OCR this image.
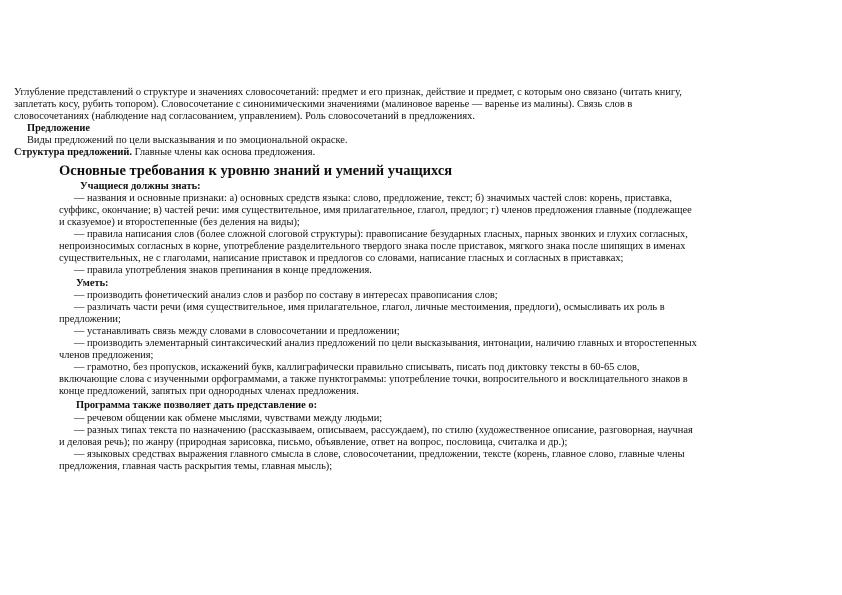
Углубление представлений о структуре и значениях словосочетаний: предмет и его признак, действие и предмет, с которым оно связано (читать книгу,
заплетать косу, рубить топором). Словосочетание с синонимическими значениями (малиновое варенье — варенье из малины). Связь слов в
словосочетаниях (наблюдение над согласованием, управлением). Роль словосочетаний в предложениях.
Предложение
Виды предложений по цели высказывания и по эмоциональной окраске.
Структура предложений. Главные члены как основа предложения.
Основные требования к уровню знаний и умений учащихся
Учащиеся должны знать:
— названия и основные признаки: а) основных средств языка: слово, предложение, текст; б) значимых частей слов: корень, приставка,
суффикс, окончание; в) частей речи: имя существительное, имя прилагательное, глагол, предлог; г) членов предложения главные (подлежащее
и сказуемое) и второстепенные (без деления на виды);
— правила написания слов (более сложной слоговой структуры): правописание безударных гласных, парных звонких и глухих согласных,
непроизносимых согласных в корне, употребление разделительного твердого знака после приставок, мягкого знака после шипящих в именах
существительных, не с глаголами, написание приставок и предлогов со словами, написание гласных и согласных в приставках;
— правила употребления знаков препинания в конце предложения.
Уметь:
— производить фонетический анализ слов и разбор по составу в интересах правописания слов;
— различать части речи (имя существительное, имя прилагательное, глагол, личные местоимения, предлоги), осмысливать их роль в
предложении;
— устанавливать связь между словами в словосочетании и предложении;
— производить элементарный синтаксический анализ предложений по цели высказывания, интонации, наличию главных и второстепенных
членов предложения;
— грамотно, без пропусков, искажений букв, каллиграфически правильно списывать, писать под диктовку тексты в 60-65 слов,
включающие слова с изученными орфограммами, а также пунктограммы: употребление точки, вопросительного и восклицательного знаков в
конце предложений, запятых при однородных членах предложения.
Программа также позволяет дать представление о:
— речевом общении как обмене мыслями, чувствами между людьми;
— разных типах текста по назначению (рассказываем, описываем, рассуждаем), по стилю (художественное описание, разговорная, научная
и деловая речь); по жанру (природная зарисовка, письмо, объявление, ответ на вопрос, пословица, считалка и др.);
— языковых средствах выражения главного смысла в слове, словосочетании, предложении, тексте (корень, главное слово, главные члены
предложения, главная часть раскрытия темы, главная мысль);
